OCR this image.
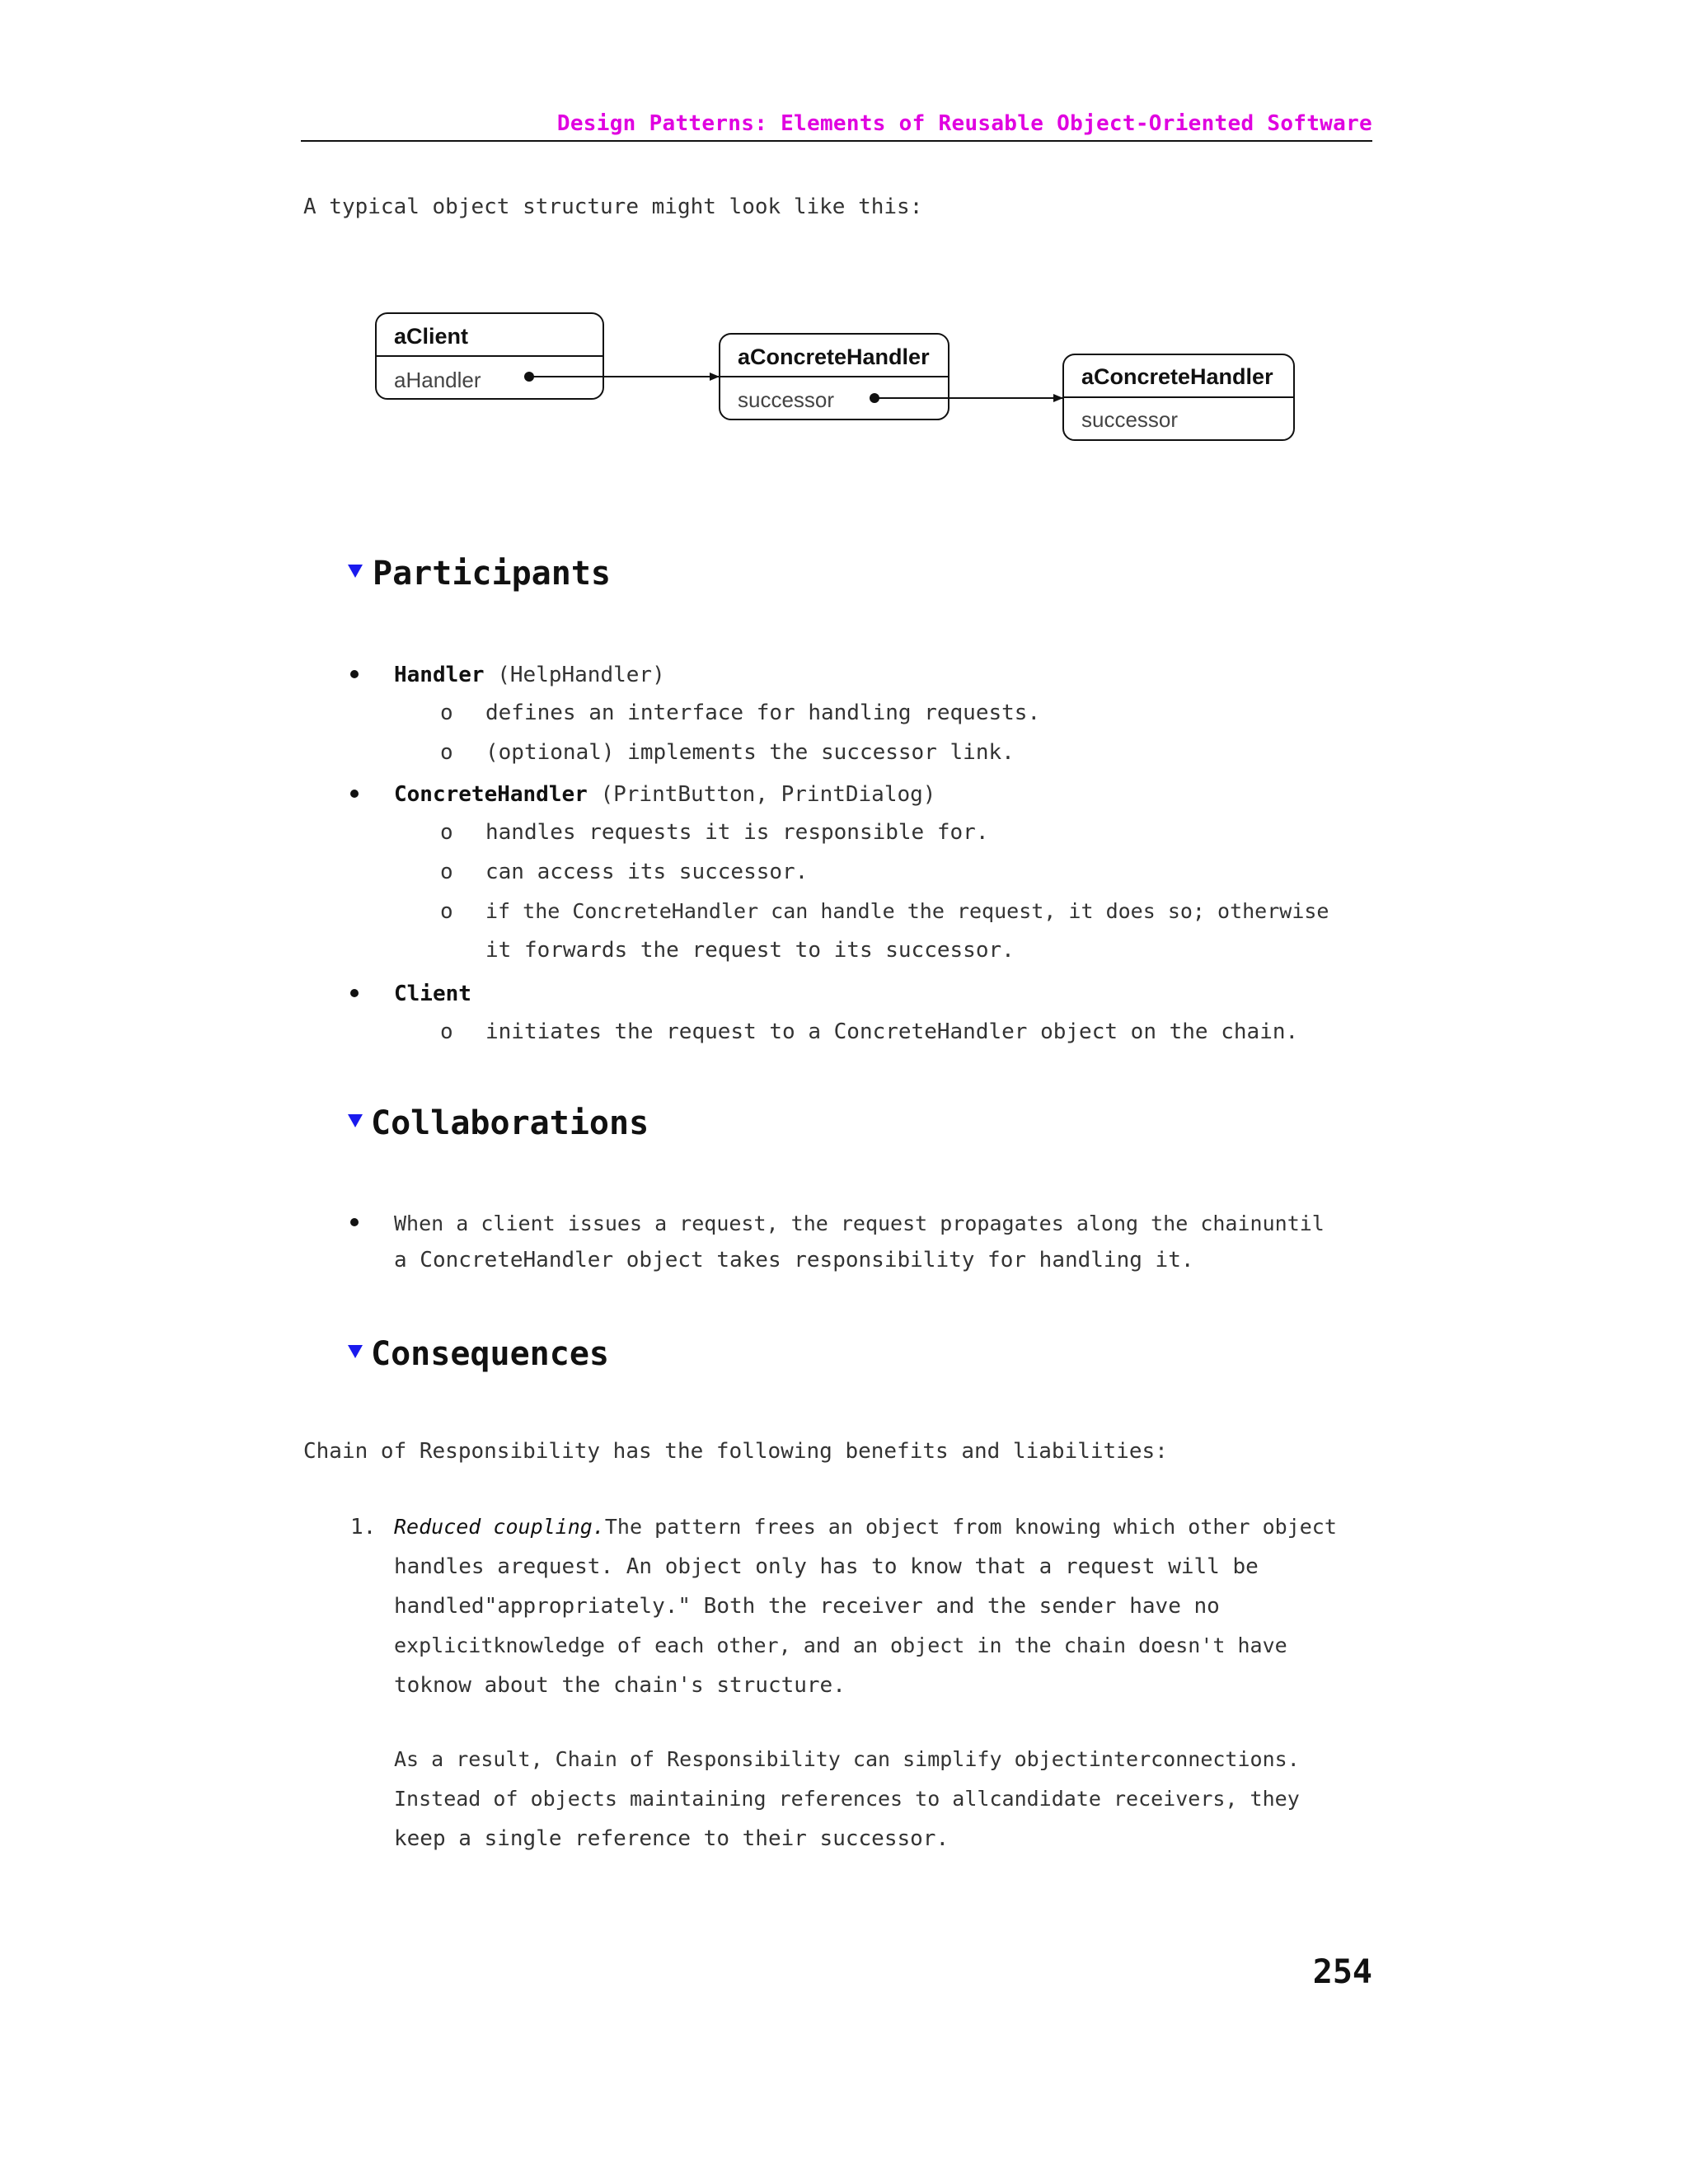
Design Patterns: Elements of Reusable Object-Oriented Software
A typical object structure might look like this:
aClient
aHandler
aConcreteHandler
successor
aConcreteHandler
successor
Participants
Handler (HelpHandler)
o defines an interface for handling requests.
o (optional) implements the successor link.
ConcreteHandler (PrintButton, PrintDialog)
o handles requests it is responsible for.
o can access its successor.
o if the ConcreteHandler can handle the request, it does so; otherwise
it forwards the request to its successor.
Client
o initiates the request to a ConcreteHandler object on the chain.
Collaborations
When a client issues a request, the request propagates along the chainuntil
a ConcreteHandler object takes responsibility for handling it.
Consequences
Chain of Responsibility has the following benefits and liabilities:
1. Reduced coupling.The pattern frees an object from knowing which other object
handles arequest. An object only has to know that a request will be
handled"appropriately." Both the receiver and the sender have no
explicitknowledge of each other, and an object in the chain doesn't have
toknow about the chain's structure.
As a result, Chain of Responsibility can simplify objectinterconnections.
Instead of objects maintaining references to allcandidate receivers, they
keep a single reference to their successor.
254
